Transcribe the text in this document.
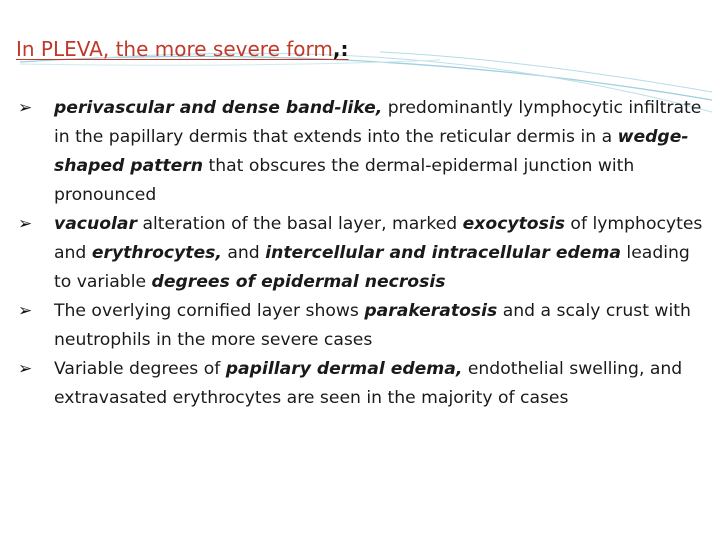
In PLEVA, the more severe form,:
➢ perivascular and dense band-like, predominantly lymphocytic infiltrate in the papillary dermis that extends into the reticular dermis in a wedge-shaped pattern that obscures the dermal-epidermal junction with pronounced
➢ vacuolar alteration of the basal layer, marked exocytosis of lymphocytes and erythrocytes, and intercellular and intracellular edema leading to variable degrees of epidermal necrosis
➢ The overlying cornified layer shows parakeratosis and a scaly crust with neutrophils in the more severe cases
➢ Variable degrees of papillary dermal edema, endothelial swelling, and extravasated erythrocytes are seen in the majority of cases
